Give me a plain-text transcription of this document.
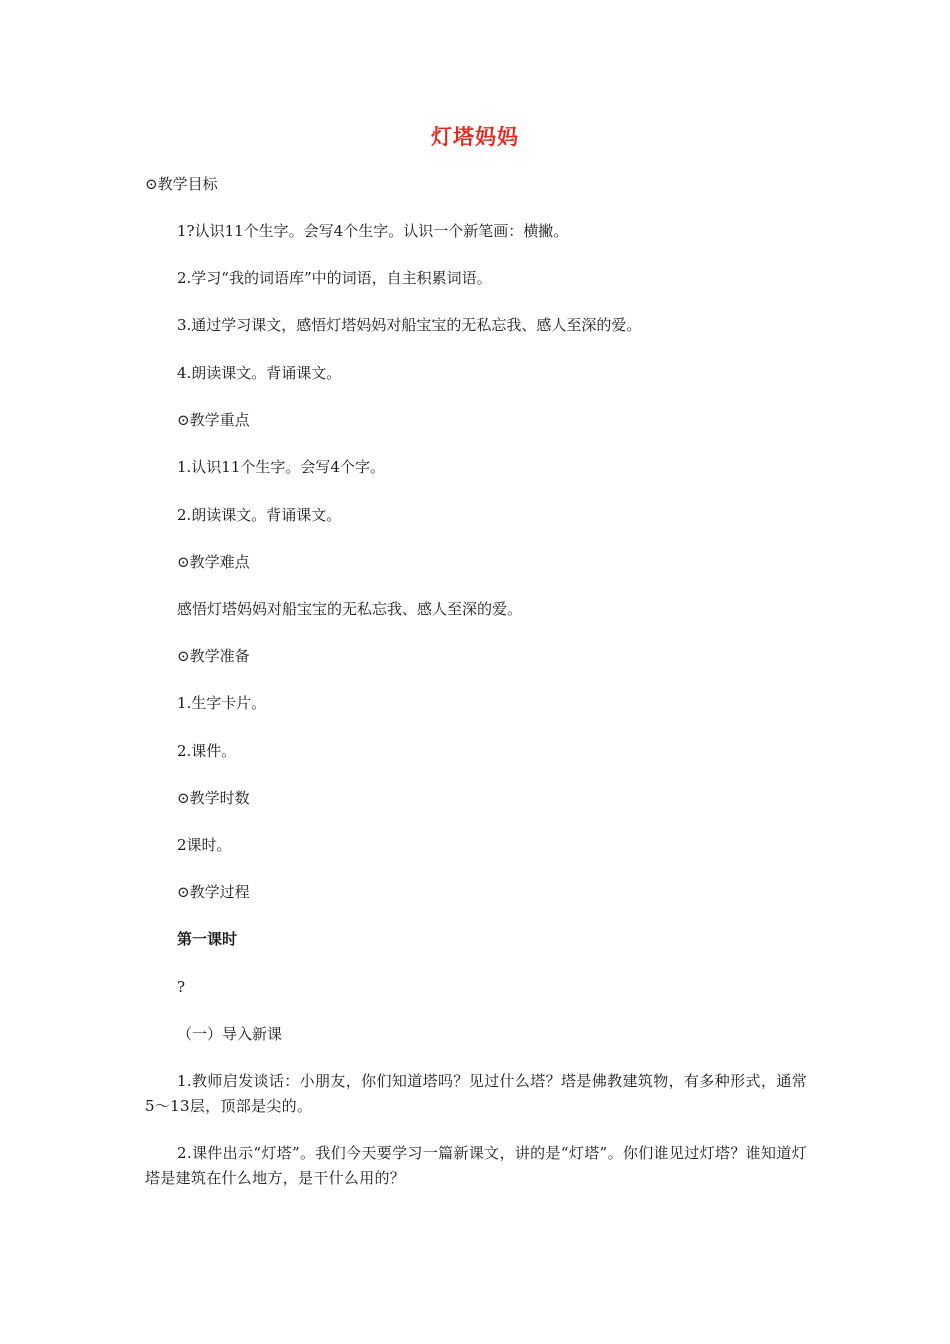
灯塔妈妈
⊙教学目标
1?认识11个生字。会写4个生字。认识一个新笔画：横撇。
2.学习“我的词语库”中的词语，自主积累词语。
3.通过学习课文，感悟灯塔妈妈对船宝宝的无私忘我、感人至深的爱。
4.朗读课文。背诵课文。
⊙教学重点
1.认识11个生字。会写4个字。
2.朗读课文。背诵课文。
⊙教学难点
感悟灯塔妈妈对船宝宝的无私忘我、感人至深的爱。
⊙教学准备
1.生字卡片。
2.课件。
⊙教学时数
2课时。
⊙教学过程
第一课时
?
（一）导入新课
1.教师启发谈话：小朋友，你们知道塔吗？见过什么塔？塔是佛教建筑物，有多种形式，通常5～13层，顶部是尖的。
2.课件出示“灯塔”。我们今天要学习一篇新课文，讲的是“灯塔”。你们谁见过灯塔？谁知道灯塔是建筑在什么地方，是干什么用的？
